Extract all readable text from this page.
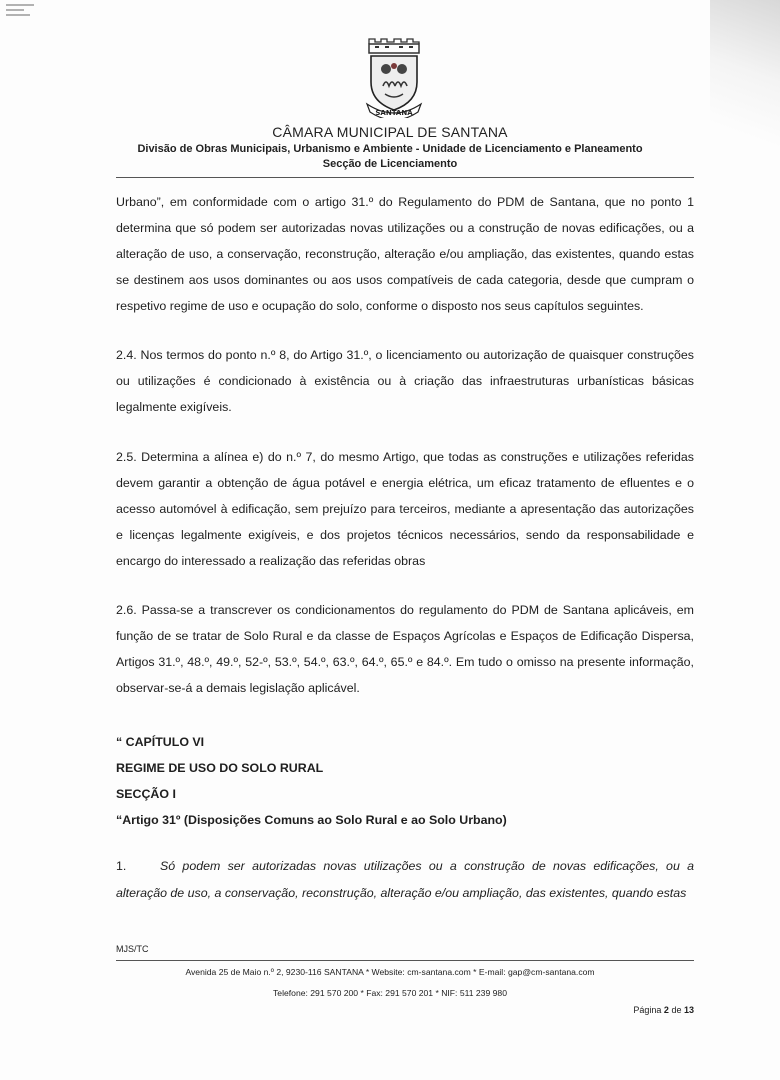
SANTANA
CÂMARA MUNICIPAL DE SANTANA
Divisão de Obras Municipais, Urbanismo e Ambiente - Unidade de Licenciamento e Planeamento
Secção de Licenciamento

Urbano”, em conformidade com o artigo 31.º do Regulamento do PDM de Santana, que no ponto 1 determina que só podem ser autorizadas novas utilizações ou a construção de novas edificações, ou a alteração de uso, a conservação, reconstrução, alteração e/ou ampliação, das existentes, quando estas se destinem aos usos dominantes ou aos usos compatíveis de cada categoria, desde que cumpram o respetivo regime de uso e ocupação do solo, conforme o disposto nos seus capítulos seguintes.

2.4. Nos termos do ponto n.º 8, do Artigo 31.º, o licenciamento ou autorização de quaisquer construções ou utilizações é condicionado à existência ou à criação das infraestruturas urbanísticas básicas legalmente exigíveis.

2.5. Determina a alínea e) do n.º 7, do mesmo Artigo, que todas as construções e utilizações referidas devem garantir a obtenção de água potável e energia elétrica, um eficaz tratamento de efluentes e o acesso automóvel à edificação, sem prejuízo para terceiros, mediante a apresentação das autorizações e licenças legalmente exigíveis, e dos projetos técnicos necessários, sendo da responsabilidade e encargo do interessado a realização das referidas obras

2.6. Passa-se a transcrever os condicionamentos do regulamento do PDM de Santana aplicáveis, em função de se tratar de Solo Rural e da classe de Espaços Agrícolas e Espaços de Edificação Dispersa, Artigos 31.º, 48.º, 49.º, 52-º, 53.º, 54.º, 63.º, 64.º, 65.º e 84.º. Em tudo o omisso na presente informação, observar-se-á a demais legislação aplicável.

“ CAPÍTULO VI
REGIME DE USO DO SOLO RURAL
SECÇÃO I
“Artigo 31º (Disposições Comuns ao Solo Rural e ao Solo Urbano)

1.	Só podem ser autorizadas novas utilizações ou a construção de novas edificações, ou a alteração de uso, a conservação, reconstrução, alteração e/ou ampliação, das existentes, quando estas

MJS/TC
Avenida 25 de Maio n.º 2, 9230-116 SANTANA * Website: cm-santana.com * E-mail: gap@cm-santana.com
Telefone: 291 570 200 * Fax: 291 570 201 * NIF: 511 239 980
Página 2 de 13
